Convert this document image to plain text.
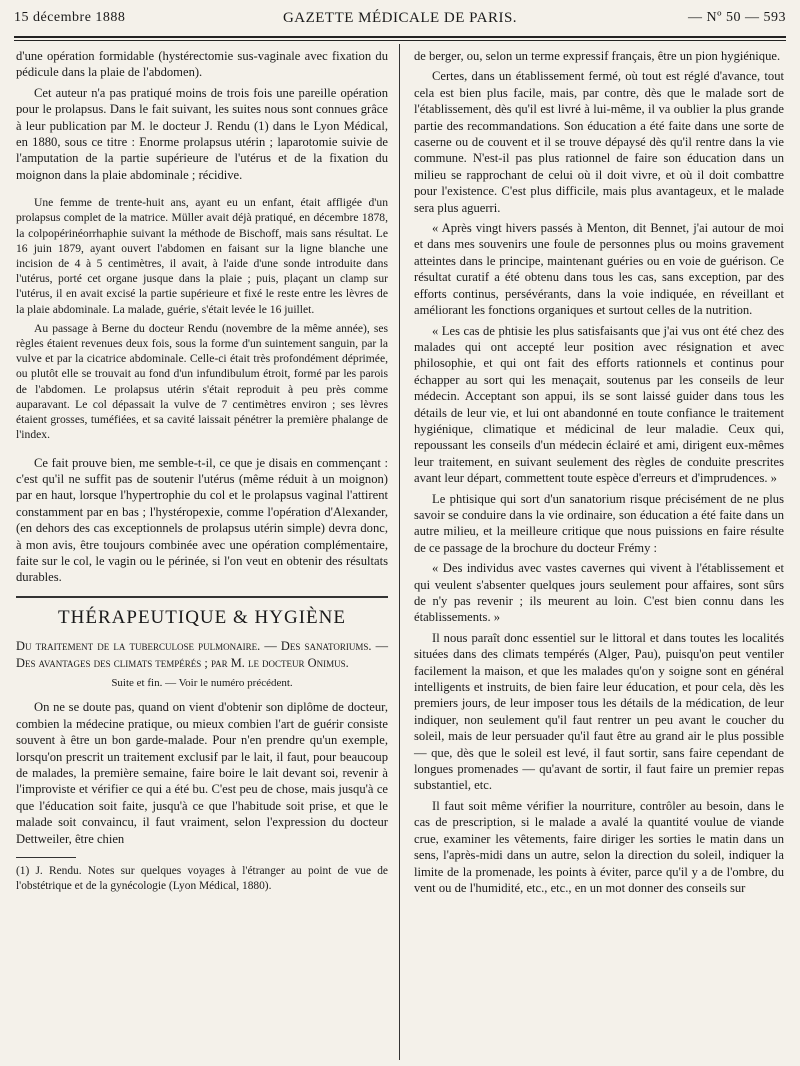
15 décembre 1888	GAZETTE MÉDICALE DE PARIS.	— Nº 50 — 593

d'une opération formidable (hystérectomie sus-vaginale avec fixation du pédicule dans la plaie de l'abdomen).

Cet auteur n'a pas pratiqué moins de trois fois une pareille opération pour le prolapsus. Dans le fait suivant, les suites nous sont connues grâce à leur publication par M. le docteur J. Rendu (1) dans le Lyon Médical, en 1880, sous ce titre : Enorme prolapsus utérin ; laparotomie suivie de l'amputation de la partie supérieure de l'utérus et de la fixation du moignon dans la plaie abdominale ; récidive.

Une femme de trente-huit ans, ayant eu un enfant, était affligée d'un prolapsus complet de la matrice. Müller avait déjà pratiqué, en décembre 1878, la colpopérinéorrhaphie suivant la méthode de Bischoff, mais sans résultat. Le 16 juin 1879, ayant ouvert l'abdomen en faisant sur la ligne blanche une incision de 4 à 5 centimètres, il avait, à l'aide d'une sonde introduite dans l'utérus, porté cet organe jusque dans la plaie ; puis, plaçant un clamp sur l'utérus, il en avait excisé la partie supérieure et fixé le reste entre les lèvres de la plaie abdominale. La malade, guérie, s'était levée le 16 juillet.

Au passage à Berne du docteur Rendu (novembre de la même année), ses règles étaient revenues deux fois, sous la forme d'un suintement sanguin, par la vulve et par la cicatrice abdominale. Celle-ci était très profondément déprimée, ou plutôt elle se trouvait au fond d'un infundibulum étroit, formé par les parois de l'abdomen. Le prolapsus utérin s'était reproduit à peu près comme auparavant. Le col dépassait la vulve de 7 centimètres environ ; ses lèvres étaient grosses, tuméfiées, et sa cavité laissait pénétrer la première phalange de l'index.

Ce fait prouve bien, me semble-t-il, ce que je disais en commençant : c'est qu'il ne suffit pas de soutenir l'utérus (même réduit à un moignon) par en haut, lorsque l'hypertrophie du col et le prolapsus vaginal l'attirent constamment par en bas ; l'hystéropexie, comme l'opération d'Alexander, (en dehors des cas exceptionnels de prolapsus utérin simple) devra donc, à mon avis, être toujours combinée avec une opération complémentaire, faite sur le col, le vagin ou le périnée, si l'on veut en obtenir des résultats durables.

THÉRAPEUTIQUE & HYGIÈNE

Du traitement de la tuberculose pulmonaire. — Des sanatoriums. — Des avantages des climats tempérés ; par M. le docteur Onimus.

Suite et fin. — Voir le numéro précédent.

On ne se doute pas, quand on vient d'obtenir son diplôme de docteur, combien la médecine pratique, ou mieux combien l'art de guérir consiste souvent à être un bon garde-malade. Pour n'en prendre qu'un exemple, lorsqu'on prescrit un traitement exclusif par le lait, il faut, pour beaucoup de malades, la première semaine, faire boire le lait devant soi, revenir à l'improviste et vérifier ce qui a été bu. C'est peu de chose, mais jusqu'à ce que l'éducation soit faite, jusqu'à ce que l'habitude soit prise, et que le malade soit convaincu, il faut vraiment, selon l'expression du docteur Dettweiler, être chien

(1) J. Rendu. Notes sur quelques voyages à l'étranger au point de vue de l'obstétrique et de la gynécologie (Lyon Médical, 1880).

de berger, ou, selon un terme expressif français, être un pion hygiénique.

Certes, dans un établissement fermé, où tout est réglé d'avance, tout cela est bien plus facile, mais, par contre, dès que le malade sort de l'établissement, dès qu'il est livré à lui-même, il va oublier la plus grande partie des recommandations. Son éducation a été faite dans une sorte de caserne ou de couvent et il se trouve dépaysé dès qu'il rentre dans la vie commune. N'est-il pas plus rationnel de faire son éducation dans un milieu se rapprochant de celui où il doit vivre, et où il doit combattre pour l'existence. C'est plus difficile, mais plus avantageux, et le malade sera plus aguerri.

« Après vingt hivers passés à Menton, dit Bennet, j'ai autour de moi et dans mes souvenirs une foule de personnes plus ou moins gravement atteintes dans le principe, maintenant guéries ou en voie de guérison. Ce résultat curatif a été obtenu dans tous les cas, sans exception, par des efforts continus, persévérants, dans la voie indiquée, en réveillant et améliorant les fonctions organiques et surtout celles de la nutrition.

« Les cas de phtisie les plus satisfaisants que j'ai vus ont été chez des malades qui ont accepté leur position avec résignation et avec philosophie, et qui ont fait des efforts rationnels et continus pour échapper au sort qui les menaçait, soutenus par les conseils de leur médecin. Acceptant son appui, ils se sont laissé guider dans tous les détails de leur vie, et lui ont abandonné en toute confiance le traitement hygiénique, climatique et médicinal de leur maladie. Ceux qui, repoussant les conseils d'un médecin éclairé et ami, dirigent eux-mêmes leur traitement, en suivant seulement des règles de conduite prescrites avant leur départ, commettent toute espèce d'erreurs et d'imprudences. »

Le phtisique qui sort d'un sanatorium risque précisément de ne plus savoir se conduire dans la vie ordinaire, son éducation a été faite dans un autre milieu, et la meilleure critique que nous puissions en faire résulte de ce passage de la brochure du docteur Frémy :

« Des individus avec vastes cavernes qui vivent à l'établissement et qui veulent s'absenter quelques jours seulement pour affaires, sont sûrs de n'y pas revenir ; ils meurent au loin. C'est bien connu dans les établissements. »

Il nous paraît donc essentiel sur le littoral et dans toutes les localités situées dans des climats tempérés (Alger, Pau), puisqu'on peut ventiler facilement la maison, et que les malades qu'on y soigne sont en général intelligents et instruits, de bien faire leur éducation, et pour cela, dès les premiers jours, de leur imposer tous les détails de la médication, de leur indiquer, non seulement qu'il faut rentrer un peu avant le coucher du soleil, mais de leur persuader qu'il faut être au grand air le plus possible — que, dès que le soleil est levé, il faut sortir, sans faire cependant de longues promenades — qu'avant de sortir, il faut faire un premier repas substantiel, etc.

Il faut soit même vérifier la nourriture, contrôler au besoin, dans le cas de prescription, si le malade a avalé la quantité voulue de viande crue, examiner les vêtements, faire diriger les sorties le matin dans un sens, l'après-midi dans un autre, selon la direction du soleil, indiquer la limite de la promenade, les points à éviter, parce qu'il y a de l'ombre, du vent ou de l'humidité, etc., etc., en un mot donner des conseils sur
